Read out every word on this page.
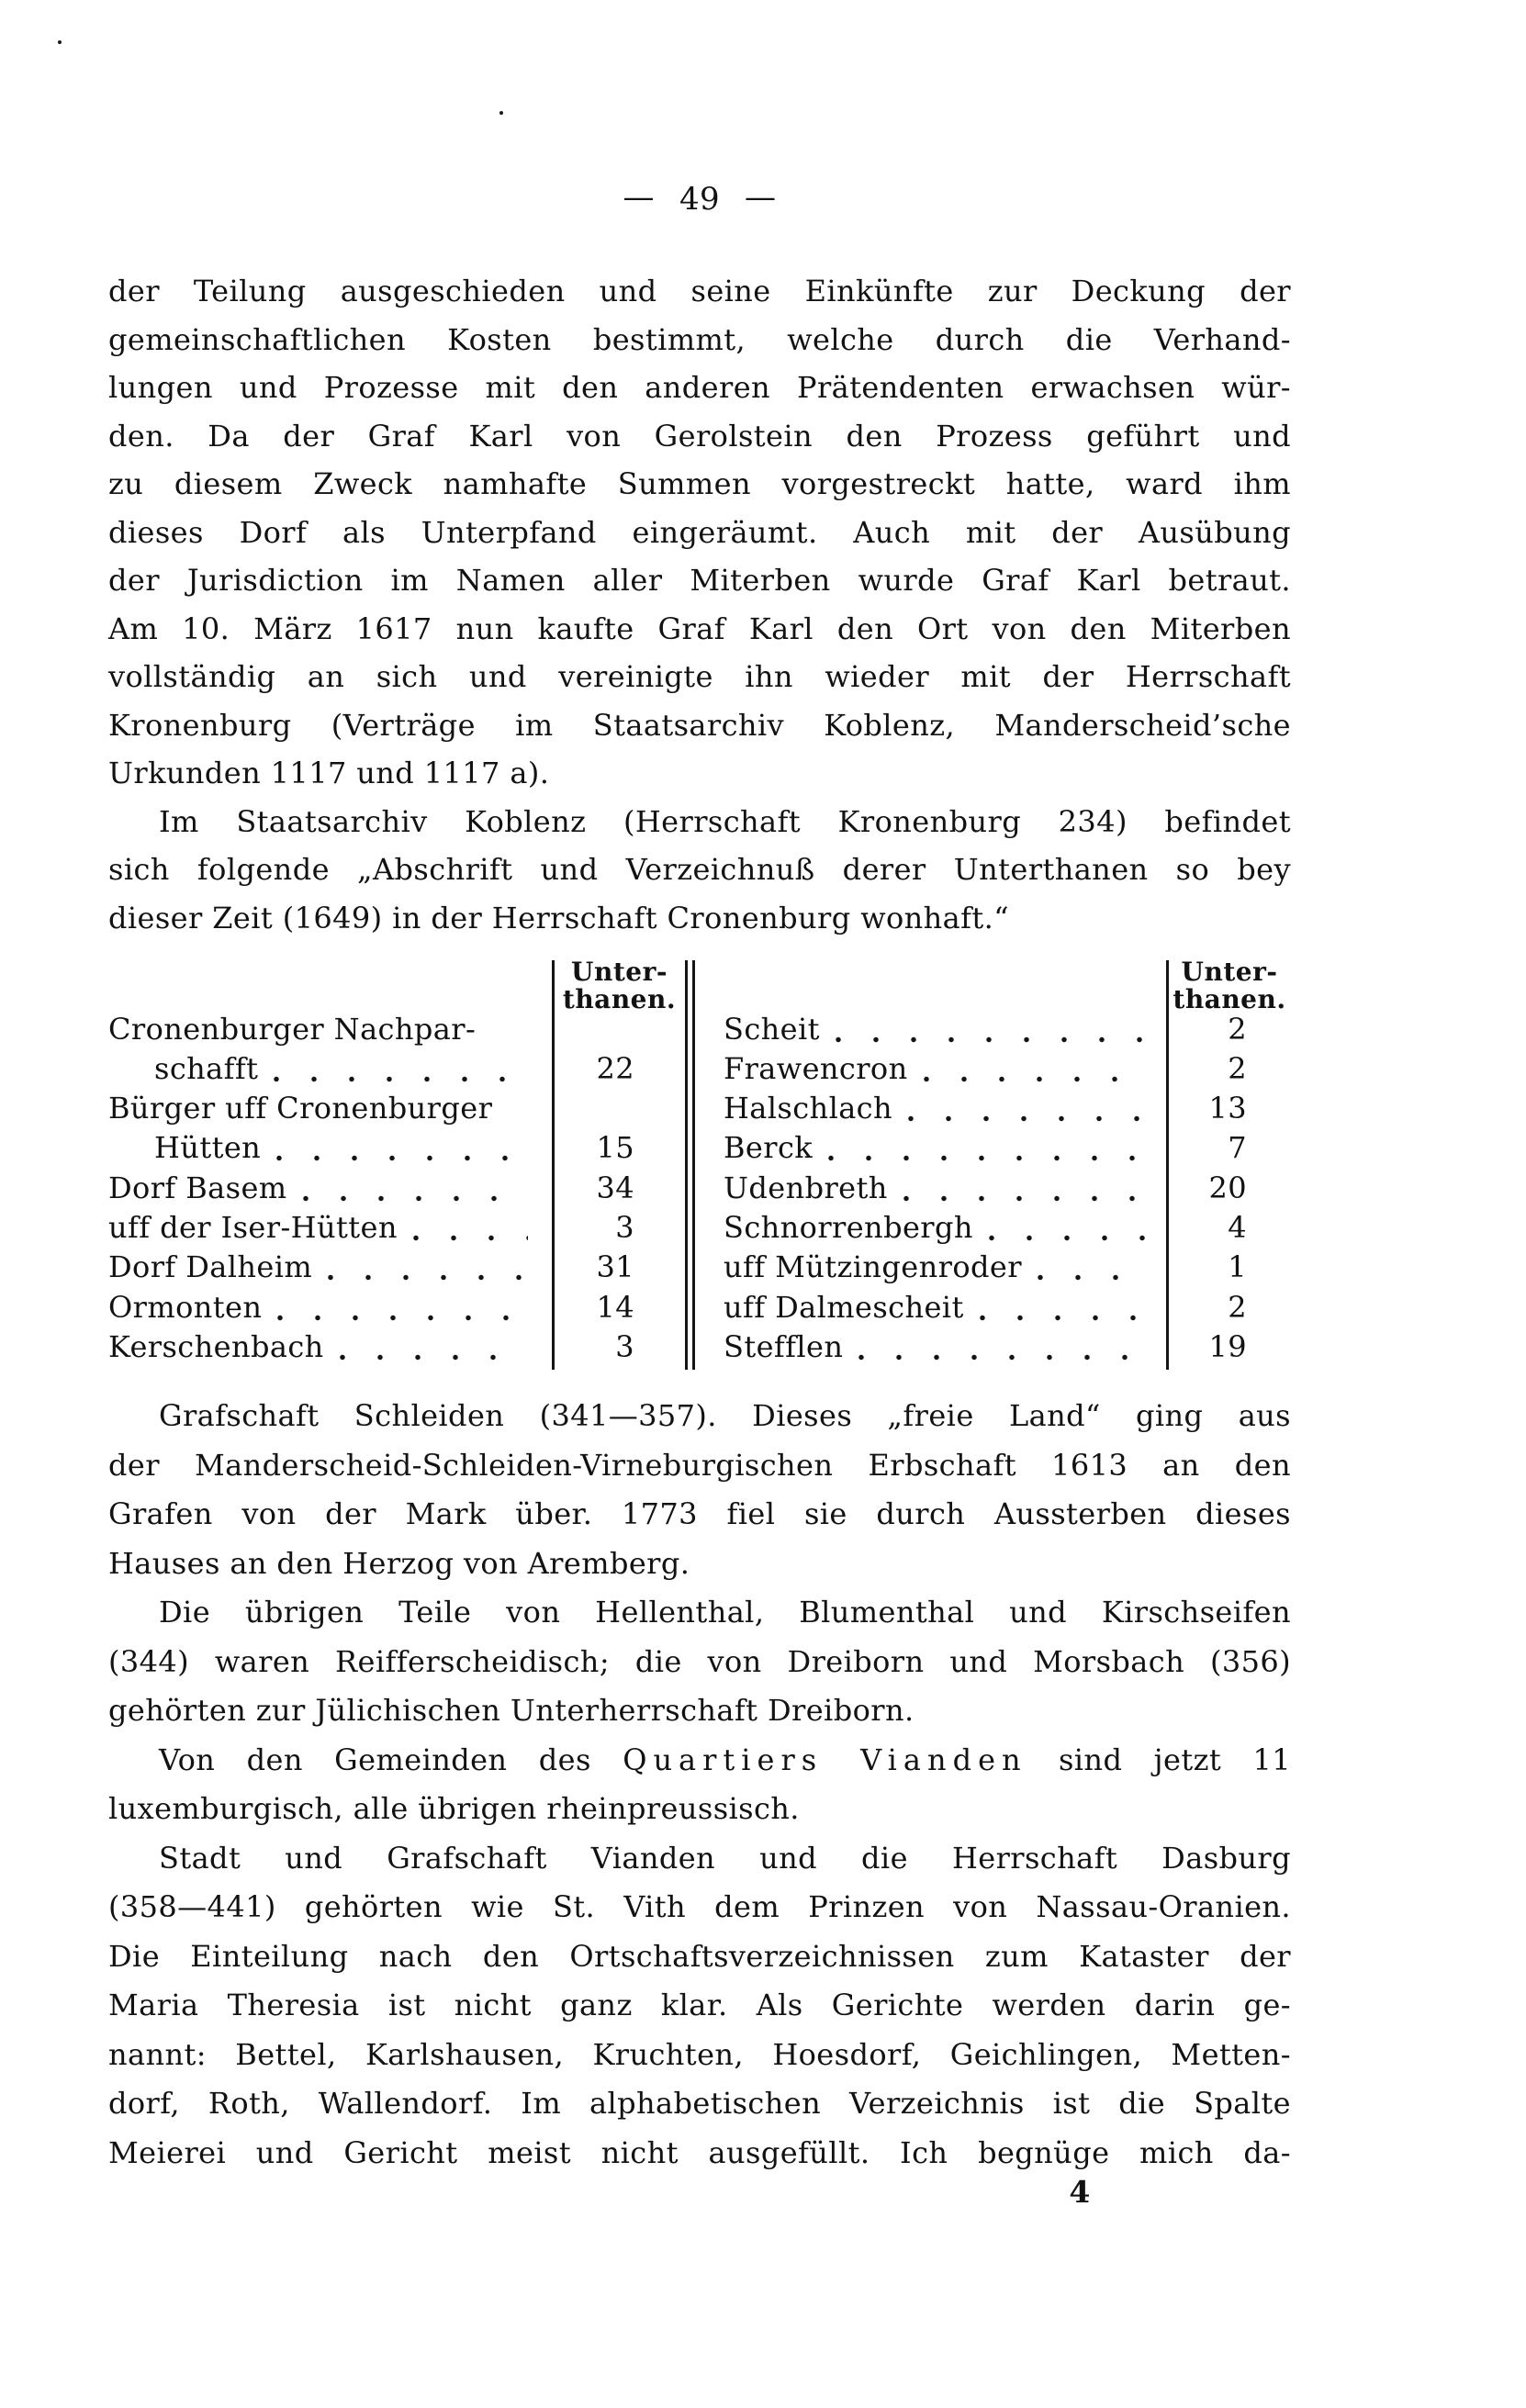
— 49 —
der Teilung ausgeschieden und seine Einkünfte zur Deckung der
gemeinschaftlichen Kosten bestimmt, welche durch die Verhand-
lungen und Prozesse mit den anderen Prätendenten erwachsen wür-
den. Da der Graf Karl von Gerolstein den Prozess geführt und
zu diesem Zweck namhafte Summen vorgestreckt hatte, ward ihm
dieses Dorf als Unterpfand eingeräumt. Auch mit der Ausübung
der Jurisdiction im Namen aller Miterben wurde Graf Karl betraut.
Am 10. März 1617 nun kaufte Graf Karl den Ort von den Miterben
vollständig an sich und vereinigte ihn wieder mit der Herrschaft
Kronenburg (Verträge im Staatsarchiv Koblenz, Manderscheid’sche
Urkunden 1117 und 1117 a).
Im Staatsarchiv Koblenz (Herrschaft Kronenburg 234) befindet
sich folgende „Abschrift und Verzeichnuß derer Unterthanen so bey
dieser Zeit (1649) in der Herrschaft Cronenburg wonhaft.“
Unter-
thanen.
Unter-
thanen.
Cronenburger Nachpar-
22
schafft
Bürger uff Cronenburger
15
Hütten
34
Dorf Basem
3
uff der Iser-Hütten
31
Dorf Dalheim
14
Ormonten
3
Kerschenbach
2
Scheit
2
Frawencron
13
Halschlach
7
Berck
20
Udenbreth
4
Schnorrenbergh
1
uff Mützingenroder
2
uff Dalmescheit
19
Stefflen
Grafschaft Schleiden (341—357). Dieses „freie Land“ ging aus
der Manderscheid-Schleiden-Virneburgischen Erbschaft 1613 an den
Grafen von der Mark über. 1773 fiel sie durch Aussterben dieses
Hauses an den Herzog von Aremberg.
Die übrigen Teile von Hellenthal, Blumenthal und Kirschseifen
(344) waren Reifferscheidisch; die von Dreiborn und Morsbach (356)
gehörten zur Jülichischen Unterherrschaft Dreiborn.
Von den Gemeinden des Quartiers Vianden sind jetzt 11
luxemburgisch, alle übrigen rheinpreussisch.
Stadt und Grafschaft Vianden und die Herrschaft Dasburg
(358—441) gehörten wie St. Vith dem Prinzen von Nassau-Oranien.
Die Einteilung nach den Ortschaftsverzeichnissen zum Kataster der
Maria Theresia ist nicht ganz klar. Als Gerichte werden darin ge-
nannt: Bettel, Karlshausen, Kruchten, Hoesdorf, Geichlingen, Metten-
dorf, Roth, Wallendorf. Im alphabetischen Verzeichnis ist die Spalte
Meierei und Gericht meist nicht ausgefüllt. Ich begnüge mich da-
4
